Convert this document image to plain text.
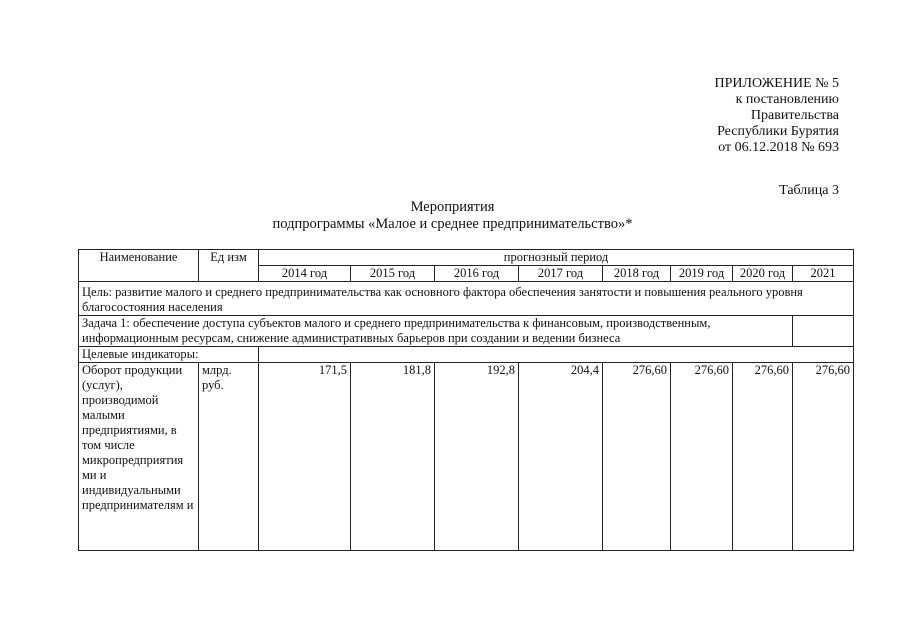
ПРИЛОЖЕНИЕ № 5
к постановлению
Правительства
Республики Бурятия
от 06.12.2018 № 693
Таблица 3
Мероприятия
подпрограммы «Малое и среднее предпринимательство»*
Наименование	Ед изм	прогнозный период							
		2014 год	2015 год	2016 год	2017 год	2018 год	2019 год	2020 год	2021
Цель: развитие малого и среднего предпринимательства как основного фактора обеспечения занятости и повышения реального уровня благосостояния населения									
Задача 1: обеспечение доступа субъектов малого и среднего предпринимательства к финансовым, производственным, информационным ресурсам, снижение административных барьеров при создании и ведении бизнеса									
Целевые индикаторы:									
Оборот продукции (услуг), производимой малыми предприятиями, в том числе микропредприятия ми и индивидуальными предпринимателям и	млрд. руб.	171,5	181,8	192,8	204,4	276,60	276,60	276,60	276,60
